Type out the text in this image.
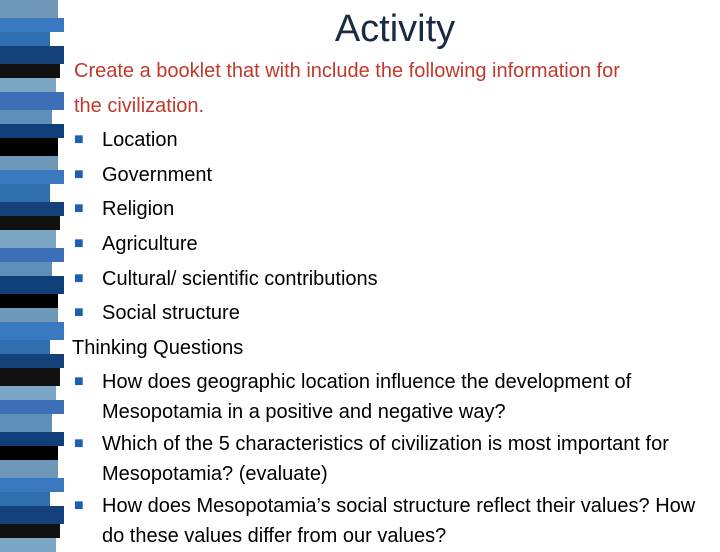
Activity
Create a booklet that with include the following information for
the civilization.
■ Location
■ Government
■ Religion
■ Agriculture
■ Cultural/ scientific contributions
■ Social structure
Thinking Questions
■ How does geographic location influence the development of Mesopotamia in a positive and negative way?
■ Which of the 5 characteristics of civilization is most important for Mesopotamia? (evaluate)
■ How does Mesopotamia’s social structure reflect their values? How do these values differ from our values?
